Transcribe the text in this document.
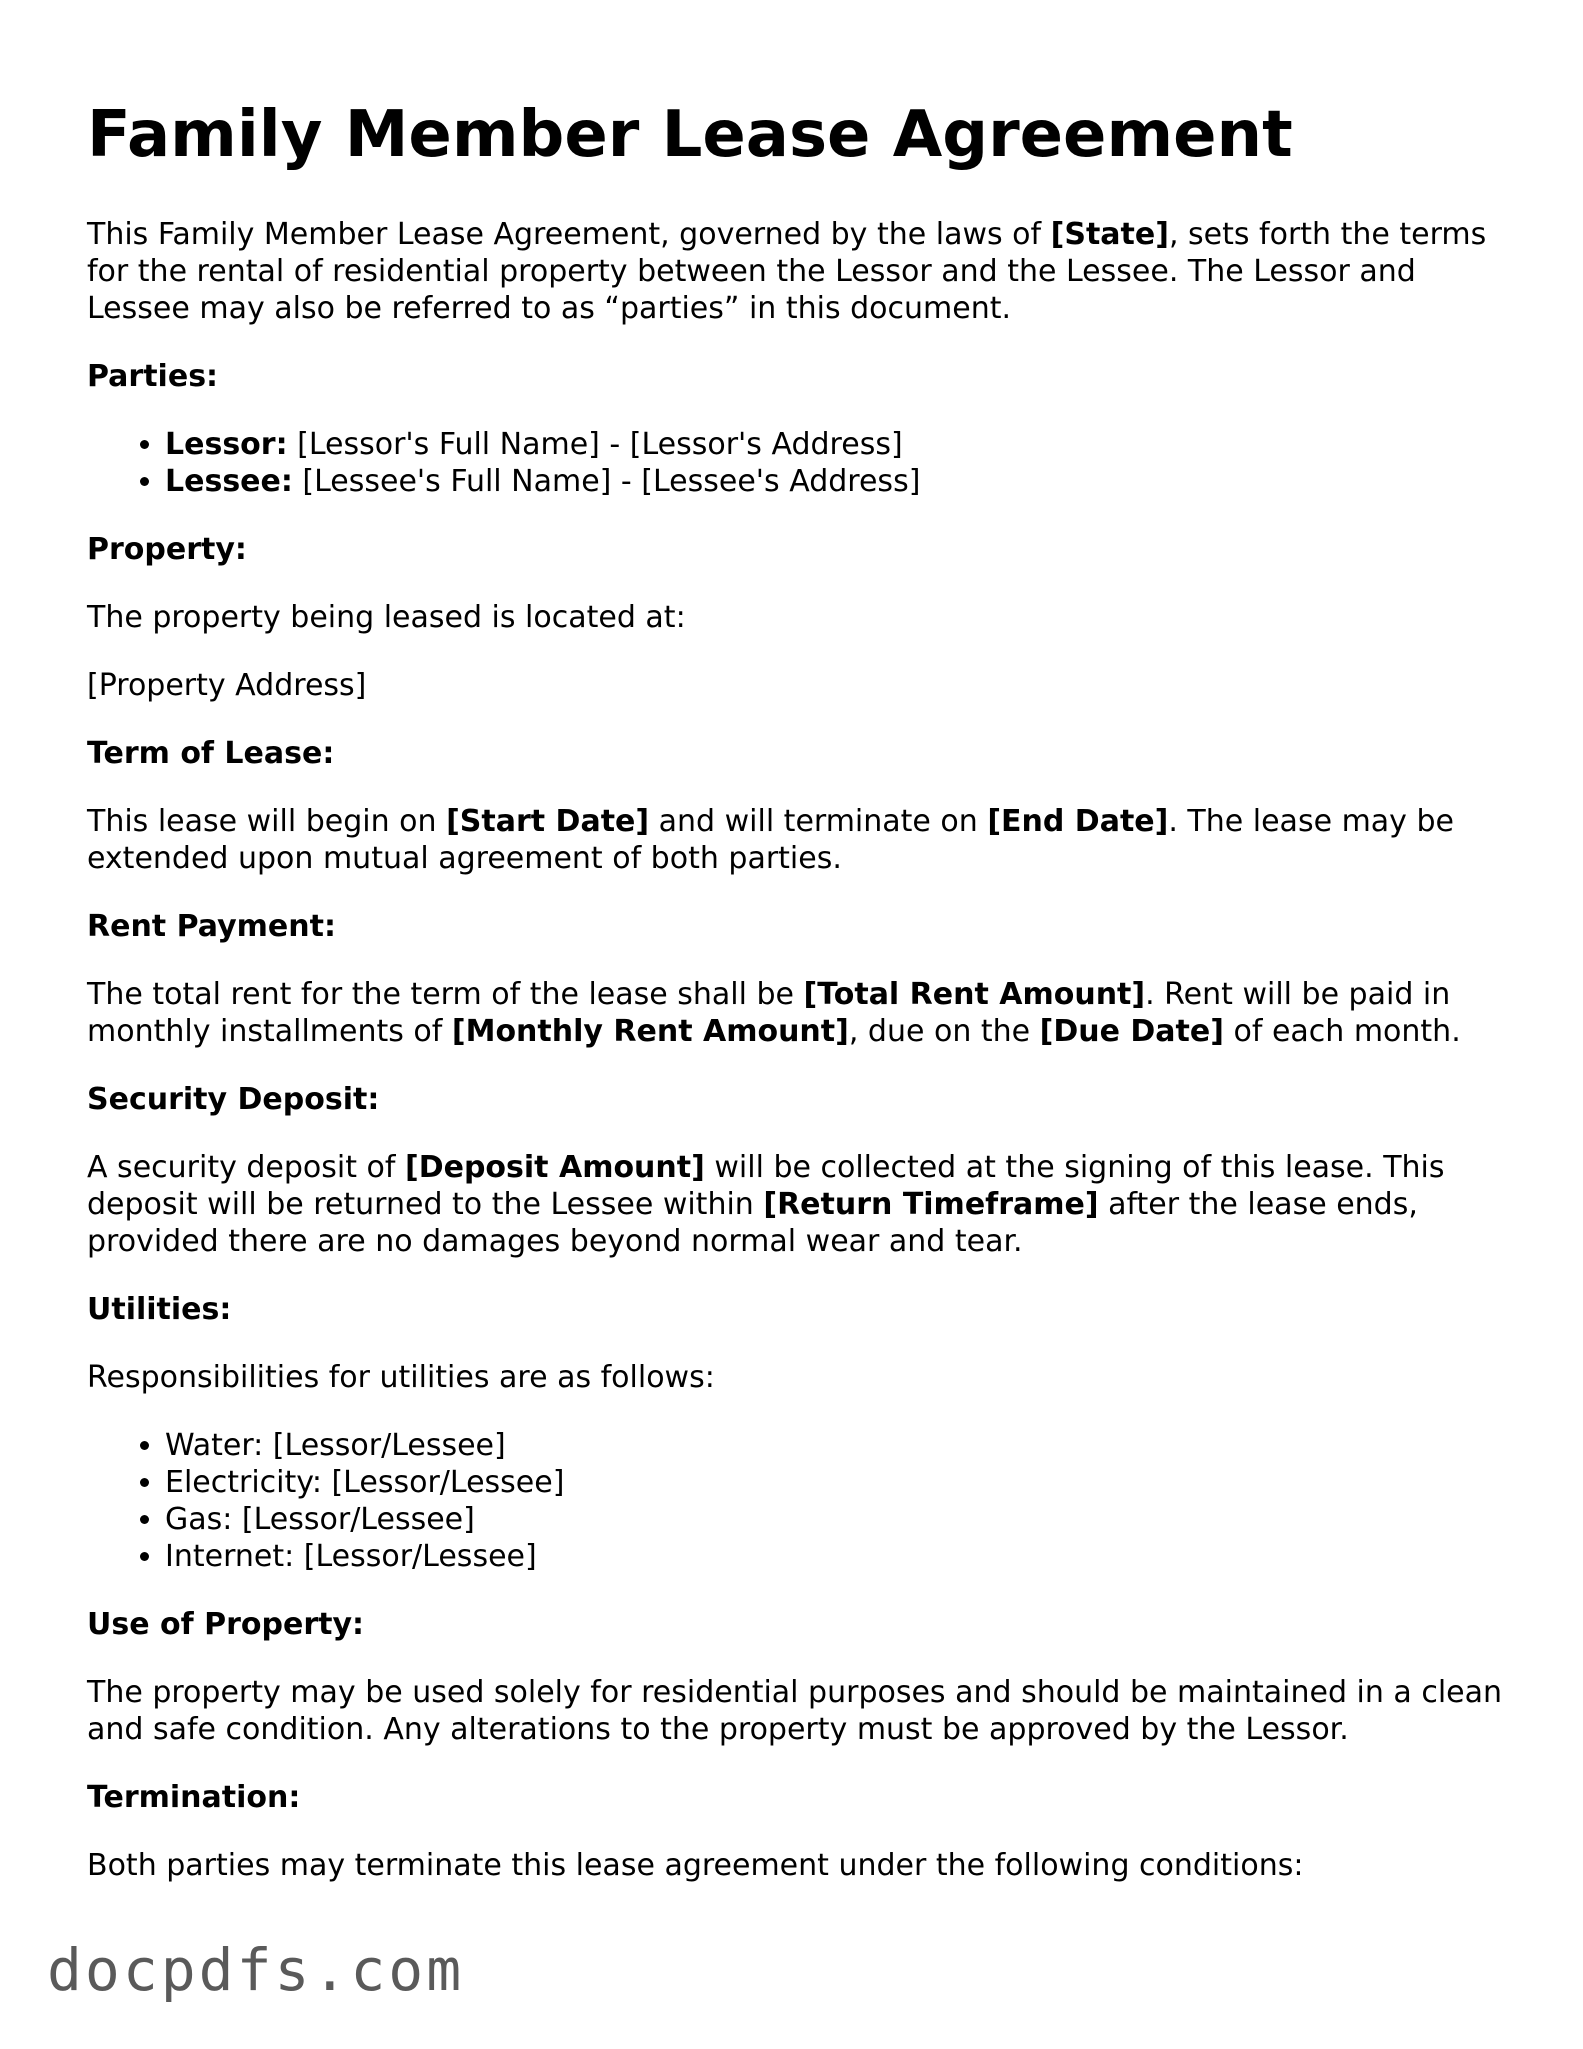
Family Member Lease Agreement

This Family Member Lease Agreement, governed by the laws of [State], sets forth the terms for the rental of residential property between the Lessor and the Lessee. The Lessor and Lessee may also be referred to as “parties” in this document.

Parties:
• Lessor: [Lessor's Full Name] - [Lessor's Address]
• Lessee: [Lessee's Full Name] - [Lessee's Address]
Property:

The property being leased is located at:

[Property Address]

Term of Lease:

This lease will begin on [Start Date] and will terminate on [End Date]. The lease may be extended upon mutual agreement of both parties.

Rent Payment:

The total rent for the term of the lease shall be [Total Rent Amount]. Rent will be paid in monthly installments of [Monthly Rent Amount], due on the [Due Date] of each month.

Security Deposit:

A security deposit of [Deposit Amount] will be collected at the signing of this lease. This deposit will be returned to the Lessee within [Return Timeframe] after the lease ends, provided there are no damages beyond normal wear and tear.

Utilities:

Responsibilities for utilities are as follows:

• Water: [Lessor/Lessee]
• Electricity: [Lessor/Lessee]
• Gas: [Lessor/Lessee]
• Internet: [Lessor/Lessee]
Use of Property:

The property may be used solely for residential purposes and should be maintained in a clean and safe condition. Any alterations to the property must be approved by the Lessor.

Termination:

Both parties may terminate this lease agreement under the following conditions:

docpdfs.com
